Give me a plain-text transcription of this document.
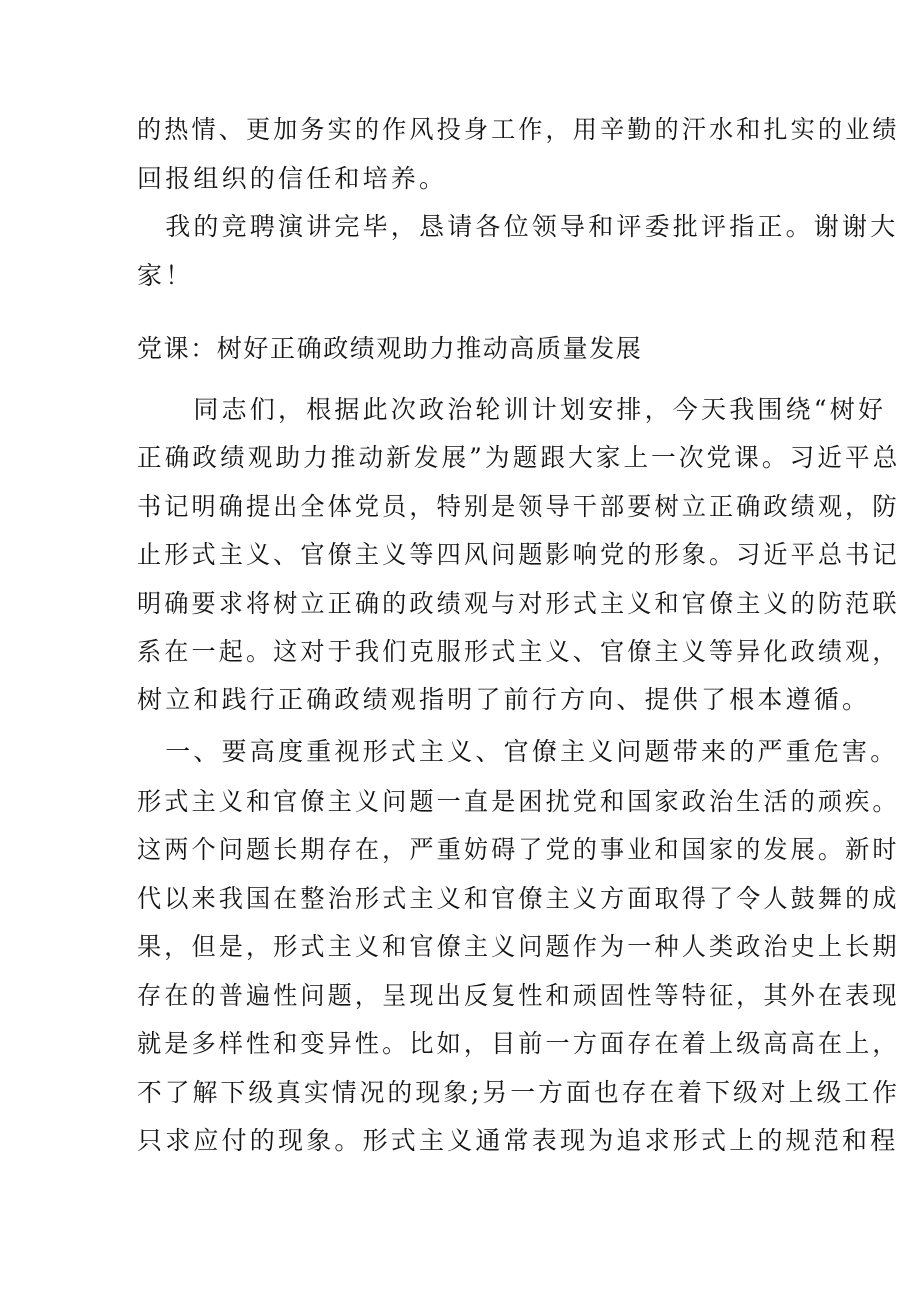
的热情、更加务实的作风投身工作，用辛勤的汗水和扎实的业绩
回报组织的信任和培养。
　我的竞聘演讲完毕，恳请各位领导和评委批评指正。谢谢大
家！
党课：树好正确政绩观助力推动高质量发展
　　同志们，根据此次政治轮训计划安排，今天我围绕“树好
正确政绩观助力推动新发展”为题跟大家上一次党课。习近平总
书记明确提出全体党员，特别是领导干部要树立正确政绩观，防
止形式主义、官僚主义等四风问题影响党的形象。习近平总书记
明确要求将树立正确的政绩观与对形式主义和官僚主义的防范联
系在一起。这对于我们克服形式主义、官僚主义等异化政绩观，
树立和践行正确政绩观指明了前行方向、提供了根本遵循。
　一、要高度重视形式主义、官僚主义问题带来的严重危害。
形式主义和官僚主义问题一直是困扰党和国家政治生活的顽疾。
这两个问题长期存在，严重妨碍了党的事业和国家的发展。新时
代以来我国在整治形式主义和官僚主义方面取得了令人鼓舞的成
果，但是，形式主义和官僚主义问题作为一种人类政治史上长期
存在的普遍性问题，呈现出反复性和顽固性等特征，其外在表现
就是多样性和变异性。比如，目前一方面存在着上级高高在上，
不了解下级真实情况的现象;另一方面也存在着下级对上级工作
只求应付的现象。形式主义通常表现为追求形式上的规范和程
